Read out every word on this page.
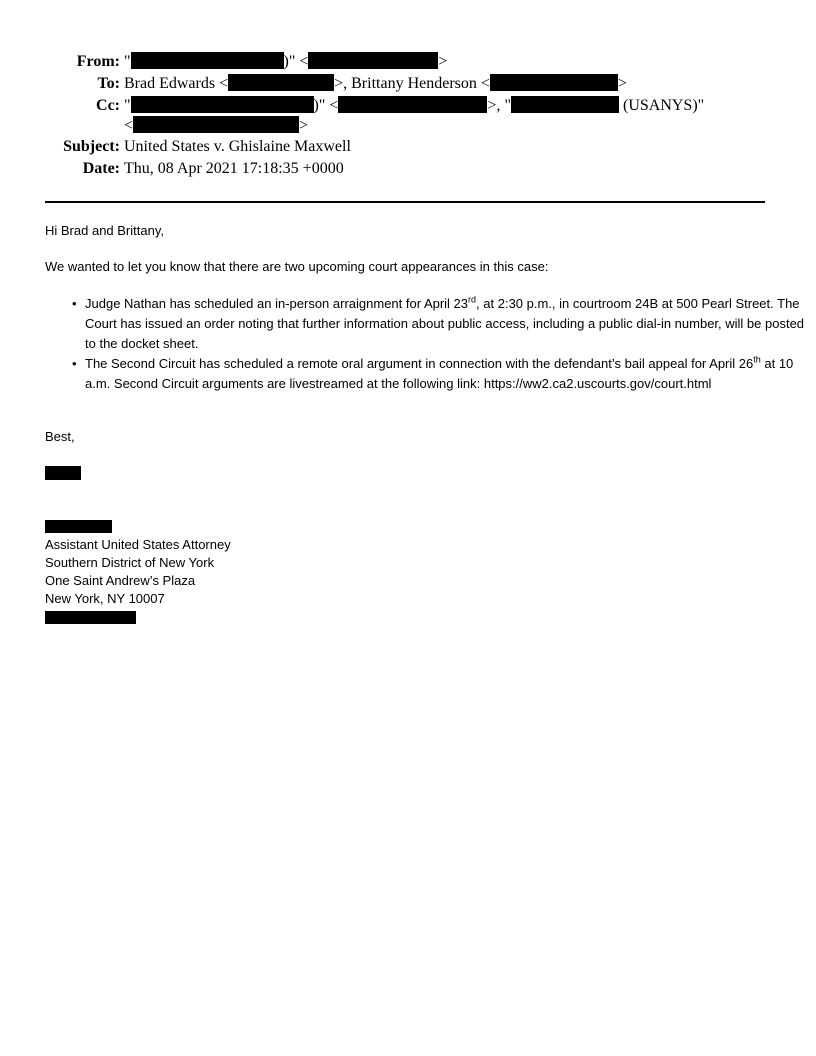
From: "	)" <	>
To: Brad Edwards <	>, Brittany Henderson <	>
Cc: "	)" <	>, "	(USANYS)"
<	>
Subject: United States v. Ghislaine Maxwell
Date: Thu, 08 Apr 2021 17:18:35 +0000
Hi Brad and Brittany,
We wanted to let you know that there are two upcoming court appearances in this case:
• Judge Nathan has scheduled an in-person arraignment for April 23rd, at 2:30 p.m., in courtroom 24B at 500 Pearl Street. The Court has issued an order noting that further information about public access, including a public dial-in number, will be posted to the docket sheet.
• The Second Circuit has scheduled a remote oral argument in connection with the defendant’s bail appeal for April 26th at 10 a.m. Second Circuit arguments are livestreamed at the following link: https://ww2.ca2.uscourts.gov/court.html
Best,
Assistant United States Attorney
Southern District of New York
One Saint Andrew’s Plaza
New York, NY 10007
